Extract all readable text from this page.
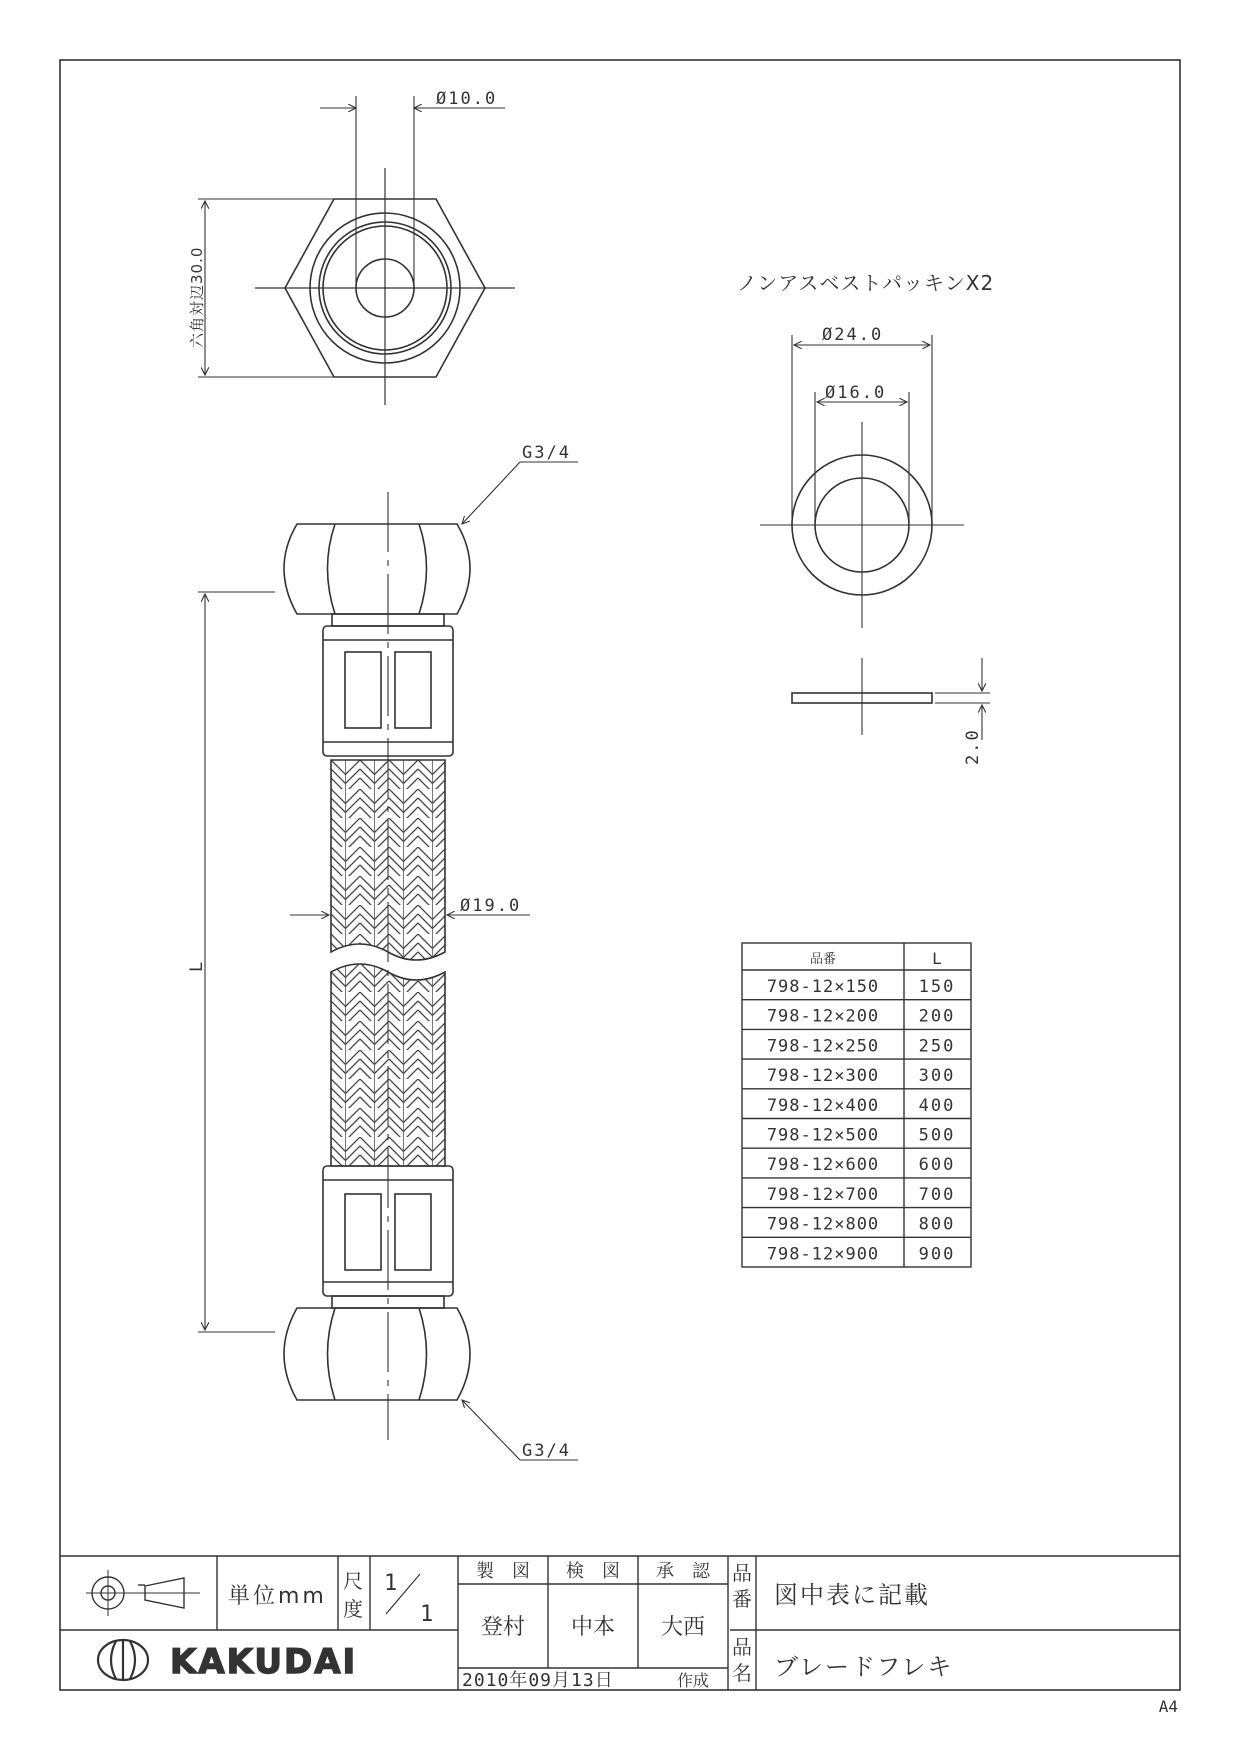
Ø10.0
六角対辺30.0
G3/4
G3/4
Ø19.0
L
ノンアスベストパッキンX2
Ø24.0
Ø16.0
2.0
品番	L
798-12×150 150
798-12×200 200
798-12×250 250
798-12×300 300
798-12×400 400
798-12×500 500
798-12×600 600
798-12×700 700
798-12×800 800
798-12×900 900
単位mm
尺
度
1
1
製　図 検　図 承　認
登村 中本 大西
品
番 図中表に記載
品
名 ブレードフレキ
KAKUDAI	2010年09月13日	作成
A4
